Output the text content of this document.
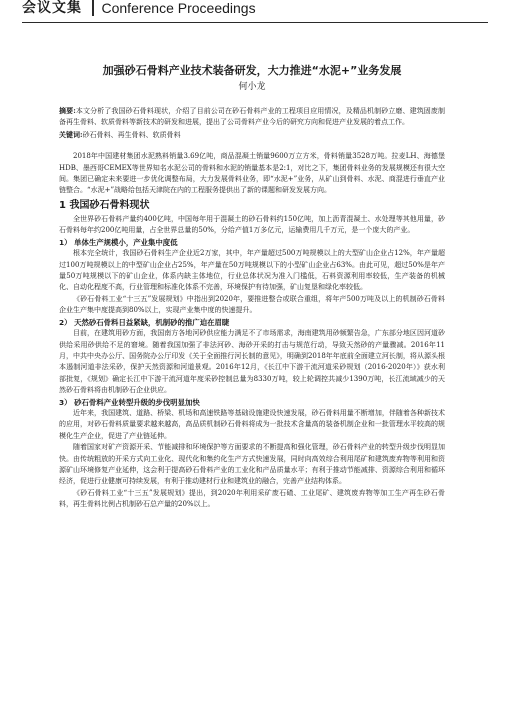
会议文集 Conference Proceedings
加强砂石骨料产业技术装备研发，大力推进“水泥+”业务发展
何小龙

摘要:本文分析了我国砂石骨料现状，介绍了目前公司在砂石骨料产业的工程项目应用情况，及精品机制砂立磨、建筑固废制备再生骨料、软质骨料等新技术的研发和进展，提出了公司骨料产业今后的研究方向和促进产业发展的着点工作。

关键词:砂石骨料、再生骨料、软质骨料

2018年中国建材集团水泥熟料销量3.69亿吨，商品混凝土销量9600万立方米，骨料销量3528万吨。拉麦LH、海德堡HDB、墨西哥CEMEX等世界知名水泥公司的骨料和水泥的销量基本是2:1，对比之下，集团骨料业务的发展规模还有很大空间。集团已确定未来要进一步优化调整布局，大力发展骨料业务，即“水泥+”业务，从矿山到骨料、水泥、商混进行垂直产业链整合。“水泥+”战略给包括天津院在内的工程服务提供出了新的课题和研发发展方向。

1 我国砂石骨料现状

全世界砂石骨料产量约400亿吨，中国每年用于混凝土的砂石骨料约150亿吨，加上沥青混凝土、水处理等其他用量，砂石骨料每年约200亿吨用量，占全世界总量的50%，分给产值1万多亿元，运输费用几千万元，是一个庞大的产业。

1） 单体生产规模小，产业集中度低

根本完全统计，我国砂石骨料生产企业近2万家，其中，年产量超过500万吨规模以上的大型矿山企业占12%，年产量超过100万吨规模以上的中型矿山企业占25%，年产量在50万吨规模以下的小型矿山企业占63%。由此可见，超过50%是年产量50万吨规模以下的矿山企业，体系内缺主体地位，行业总体状况为准入门槛低，石料资源利用率较低，生产装备的机械化、自动化程度不高，行业管理和标准化体系不完善，环境保护有待加强，矿山复垦和绿化率较低。

《砂石骨料工业“十三五”发展规划》中指出到2020年，要推进整合或联合重组，将年产500万吨及以上的机制砂石骨料企业生产集中度提高到80%以上，实现产业集中度的快速提升。

2） 天然砂石骨料日益紧缺，机制砂的推广迫在眉睫

目前，在建筑用砂方面，我国南方各地河砂供应能力满足不了市场需求，海南建筑用砂频繁告急，广东部分地区因河道砂供给采用砂供给不足的窘境。随着我国加强了非法河砂、海砂开采的打击与规范行动，导致天然砂的产量骤减。2016年11月，中共中央办公厅、国务院办公厅印发《关于全面推行河长制的意见》，明确到2018年年底前全面建立河长制，将从源头根本遏制河道非法采砂，保护天然资源和河道景观。2016年12月，《长江中下游干流河道采砂规划（2016-2020年）》获水利部批复，《规划》确定长江中下游干流河道年度采砂控制总量为8330万吨，较上轮调控共减少1390万吨，长江流域减少的天然砂石骨料将由机制砂石企业供应。

3） 砂石骨料产业转型升级的步伐明显加快

近年来，我国建筑、道路、桥梁、机场和高速铁路等基础设施建设快速发展，砂石骨料用量不断增加，伴随着各种新技术的应用，对砂石骨料质量要求越来越高，高品质机制砂石骨料将成为一批技术含量高的装备机制企业和一批管理水平较高的规模化生产企业，促进了产业链延伸。

随着国家对矿产资源开采、节能减排和环境保护等方面要求的不断提高和强化管理，砂石骨料产业的转型升级步伐明显加快。由传统粗放的开采方式向工业化、现代化和集约化生产方式快速发展，同时向高效综合利用尾矿和建筑废弃物等利用和资源矿山环境修复产业延伸，这会利于提高砂石骨料产业的工业化和产品质量水平；有利于推动节能减排、资源综合利用和循环经济，促进行业健康可持续发展，有利于推动建材行业和建筑业的融合，完善产业结构体系。

《砂石骨料工业“十三五”发展规划》提出，到2020年利用采矿废石碴、工业尾矿、建筑废弃物等加工生产再生砂石骨料，再生骨料比例占机制砂石总产量的20%以上。
